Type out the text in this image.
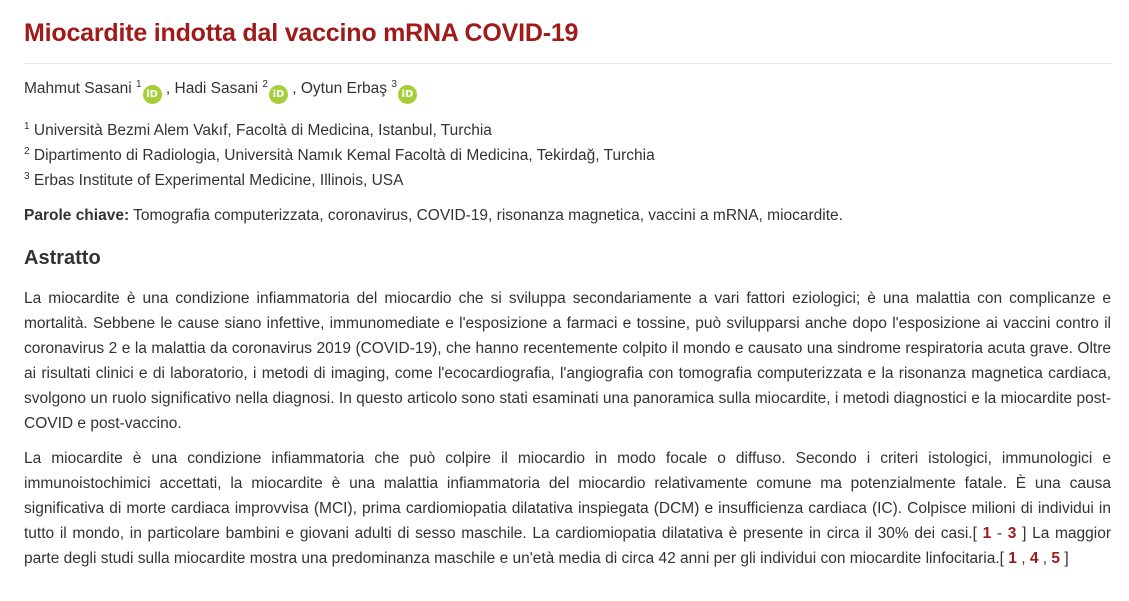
Miocardite indotta dal vaccino mRNA COVID-19
Mahmut Sasani $^1$iD , Hadi Sasani $^2$iD , Oytun Erbaş $^3$iD
$^1$ Università Bezmi Alem Vakıf, Facoltà di Medicina, Istanbul, Turchia
$^2$ Dipartimento di Radiologia, Università Namık Kemal Facoltà di Medicina, Tekirdağ, Turchia
$^3$ Erbas Institute of Experimental Medicine, Illinois, USA
Parole chiave: Tomografia computerizzata, coronavirus, COVID-19, risonanza magnetica, vaccini a mRNA, miocardite.
Astratto

La miocardite è una condizione infiammatoria del miocardio che si sviluppa secondariamente a vari fattori eziologici; è una malattia con complicanze e mortalità. Sebbene le cause siano infettive, immunomediate e l'esposizione a farmaci e tossine, può svilupparsi anche dopo l'esposizione ai vaccini contro il coronavirus 2 e la malattia da coronavirus 2019 (COVID-19), che hanno recentemente colpito il mondo e causato una sindrome respiratoria acuta grave. Oltre ai risultati clinici e di laboratorio, i metodi di imaging, come l'ecocardiografia, l'angiografia con tomografia computerizzata e la risonanza magnetica cardiaca, svolgono un ruolo significativo nella diagnosi. In questo articolo sono stati esaminati una panoramica sulla miocardite, i metodi diagnostici e la miocardite post-COVID e post-vaccino.

La miocardite è una condizione infiammatoria che può colpire il miocardio in modo focale o diffuso. Secondo i criteri istologici, immunologici e immunoistochimici accettati, la miocardite è una malattia infiammatoria del miocardio relativamente comune ma potenzialmente fatale. È una causa significativa di morte cardiaca improvvisa (MCI), prima cardiomiopatia dilatativa inspiegata (DCM) e insufficienza cardiaca (IC). Colpisce milioni di individui in tutto il mondo, in particolare bambini e giovani adulti di sesso maschile. La cardiomiopatia dilatativa è presente in circa il 30% dei casi.[ 1 - 3 ] La maggior parte degli studi sulla miocardite mostra una predominanza maschile e un'età media di circa 42 anni per gli individui con miocardite linfocitaria.[ 1 , 4 , 5 ]
